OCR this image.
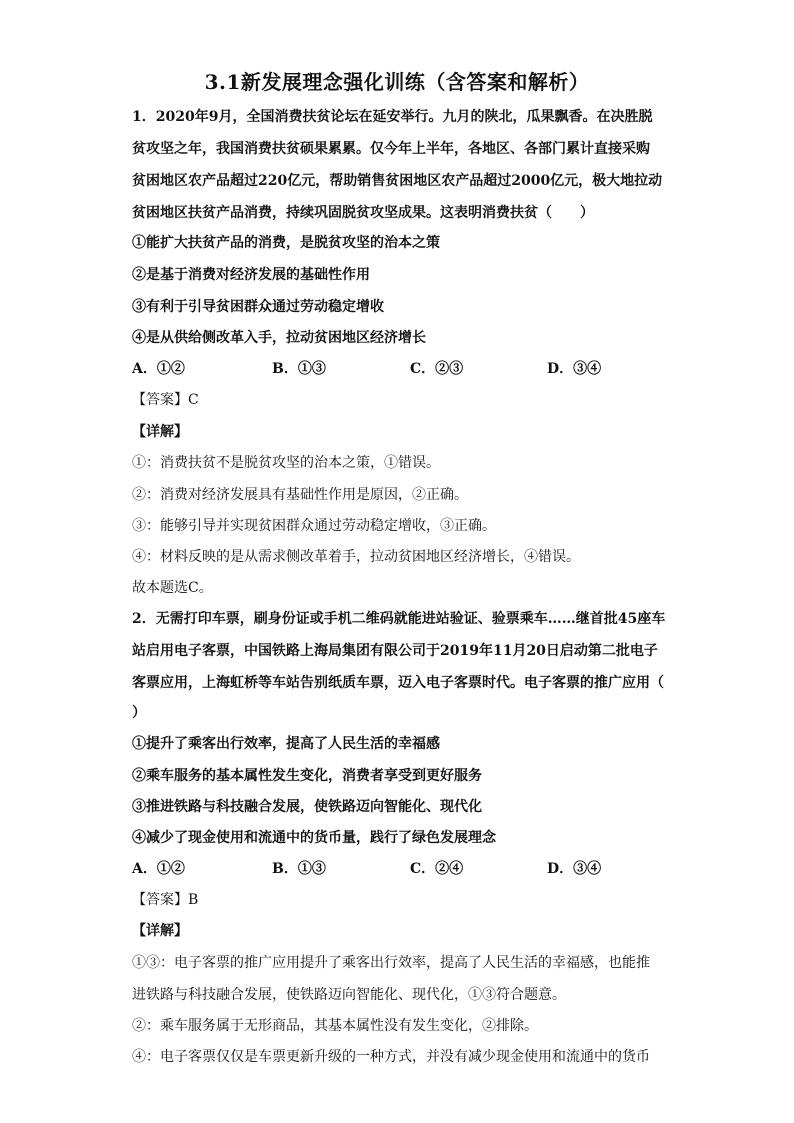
3.1新发展理念强化训练（含答案和解析）
1．2020年9月，全国消费扶贫论坛在延安举行。九月的陕北，瓜果飘香。在决胜脱
贫攻坚之年，我国消费扶贫硕果累累。仅今年上半年，各地区、各部门累计直接采购
贫困地区农产品超过220亿元，帮助销售贫困地区农产品超过2000亿元，极大地拉动
贫困地区扶贫产品消费，持续巩固脱贫攻坚成果。这表明消费扶贫（　　）
①能扩大扶贫产品的消费，是脱贫攻坚的治本之策
②是基于消费对经济发展的基础性作用
③有利于引导贫困群众通过劳动稳定增收
④是从供给侧改革入手，拉动贫困地区经济增长
A．①②	B．①③	C．②③	D．③④
【答案】C
【详解】
①：消费扶贫不是脱贫攻坚的治本之策，①错误。
②：消费对经济发展具有基础性作用是原因，②正确。
③：能够引导并实现贫困群众通过劳动稳定增收，③正确。
④：材料反映的是从需求侧改革着手，拉动贫困地区经济增长，④错误。
故本题选C。
2．无需打印车票，刷身份证或手机二维码就能进站验证、验票乘车……继首批45座车
站启用电子客票，中国铁路上海局集团有限公司于2019年11月20日启动第二批电子
客票应用，上海虹桥等车站告别纸质车票，迈入电子客票时代。电子客票的推广应用（
）
①提升了乘客出行效率，提高了人民生活的幸福感
②乘车服务的基本属性发生变化，消费者享受到更好服务
③推进铁路与科技融合发展，使铁路迈向智能化、现代化
④减少了现金使用和流通中的货币量，践行了绿色发展理念
A．①②	B．①③	C．②④	D．③④
【答案】B
【详解】
①③：电子客票的推广应用提升了乘客出行效率，提高了人民生活的幸福感，也能推
进铁路与科技融合发展，使铁路迈向智能化、现代化，①③符合题意。
②：乘车服务属于无形商品，其基本属性没有发生变化，②排除。
④：电子客票仅仅是车票更新升级的一种方式，并没有减少现金使用和流通中的货币
